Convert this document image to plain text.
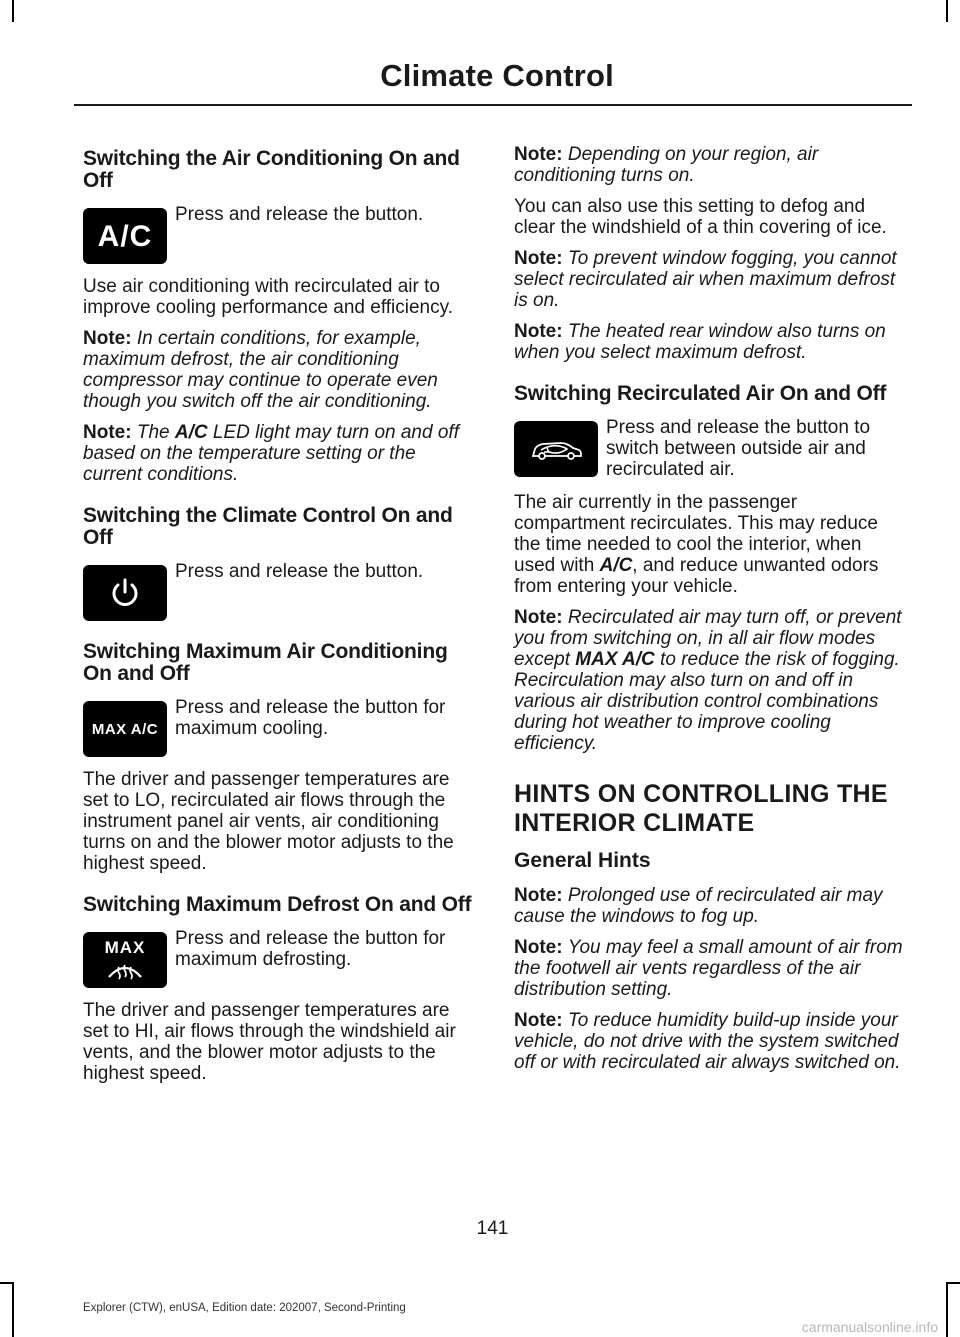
Climate Control
Switching the Air Conditioning On and Off
A/C
Press and release the button.

Use air conditioning with recirculated air to improve cooling performance and efficiency.

Note: In certain conditions, for example, maximum defrost, the air conditioning compressor may continue to operate even though you switch off the air conditioning.

Note: The A/C LED light may turn on and off based on the temperature setting or the current conditions.

Switching the Climate Control On and Off
Press and release the button.
Switching Maximum Air Conditioning On and Off
MAX A/C
Press and release the button for maximum cooling.

The driver and passenger temperatures are set to LO, recirculated air flows through the instrument panel air vents, air conditioning turns on and the blower motor adjusts to the highest speed.

Switching Maximum Defrost On and Off
MAX Press and release the button for maximum defrosting.

The driver and passenger temperatures are set to HI, air flows through the windshield air vents, and the blower motor adjusts to the highest speed.

Note: Depending on your region, air conditioning turns on.

You can also use this setting to defog and clear the windshield of a thin covering of ice.

Note: To prevent window fogging, you cannot select recirculated air when maximum defrost is on.

Note: The heated rear window also turns on when you select maximum defrost.

Switching Recirculated Air On and Off
Press and release the button to switch between outside air and recirculated air.

The air currently in the passenger compartment recirculates. This may reduce the time needed to cool the interior, when used with A/C, and reduce unwanted odors from entering your vehicle.

Note: Recirculated air may turn off, or prevent you from switching on, in all air flow modes except MAX A/C to reduce the risk of fogging. Recirculation may also turn on and off in various air distribution control combinations during hot weather to improve cooling efficiency.

HINTS ON CONTROLLING THE
INTERIOR CLIMATE
General Hints

Note: Prolonged use of recirculated air may cause the windows to fog up.

Note: You may feel a small amount of air from the footwell air vents regardless of the air distribution setting.

Note: To reduce humidity build-up inside your vehicle, do not drive with the system switched off or with recirculated air always switched on.

141
Explorer (CTW), enUSA, Edition date: 202007, Second-Printing
carmanualsonline.info
